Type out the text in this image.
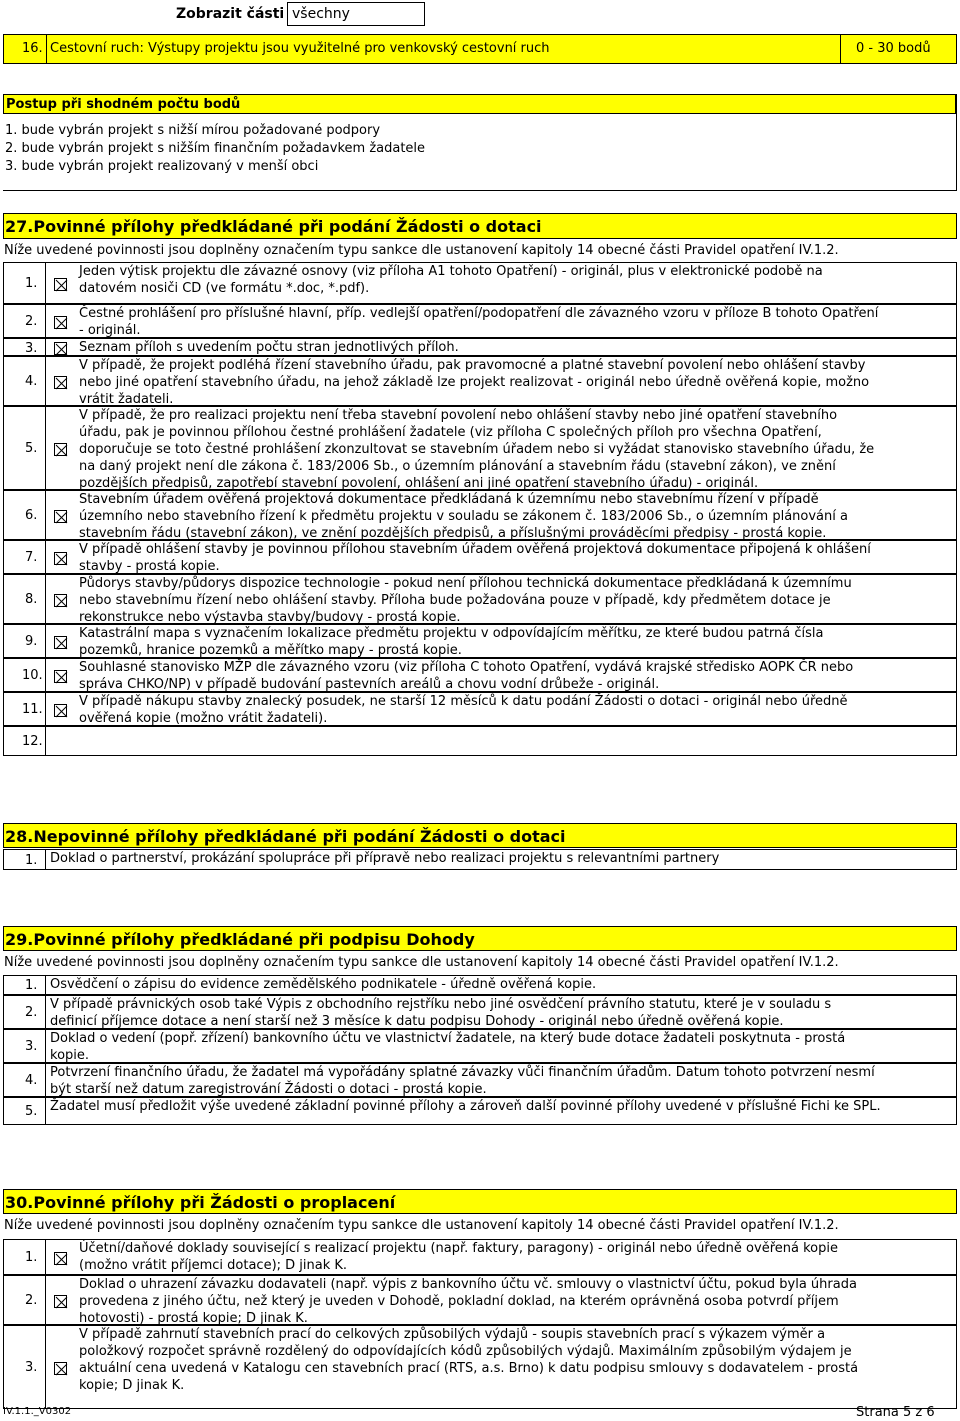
Zobrazit části všechny
16. Cestovní ruch: Výstupy projektu jsou využitelné pro venkovský cestovní ruch	0 - 30 bodů
Postup při shodném počtu bodů
1. bude vybrán projekt s nižší mírou požadované podpory
2. bude vybrán projekt s nižším finančním požadavkem žadatele
3. bude vybrán projekt realizovaný v menší obci
27.Povinné přílohy předkládané při podání Žádosti o dotaci
Níže uvedené povinnosti jsou doplněny označením typu sankce dle ustanovení kapitoly 14 obecné části Pravidel opatření IV.1.2.
1.
Jeden výtisk projektu dle závazné osnovy (viz příloha A1 tohoto Opatření) - originál, plus v elektronické podobě na
datovém nosiči CD (ve formátu *.doc, *.pdf).
2.
Čestné prohlášení pro příslušné hlavní, příp. vedlejší opatření/podopatření dle závazného vzoru v příloze B tohoto Opatření
- originál.
3.	Seznam příloh s uvedením počtu stran jednotlivých příloh.
4.
V případě, že projekt podléhá řízení stavebního úřadu, pak pravomocné a platné stavební povolení nebo ohlášení stavby
nebo jiné opatření stavebního úřadu, na jehož základě lze projekt realizovat - originál nebo úředně ověřená kopie, možno
vrátit žadateli.
5.
V případě, že pro realizaci projektu není třeba stavební povolení nebo ohlášení stavby nebo jiné opatření stavebního
úřadu, pak je povinnou přílohou čestné prohlášení žadatele (viz příloha C společných příloh pro všechna Opatření,
doporučuje se toto čestné prohlášení zkonzultovat se stavebním úřadem nebo si vyžádat stanovisko stavebního úřadu, že
na daný projekt není dle zákona č. 183/2006 Sb., o územním plánování a stavebním řádu (stavební zákon), ve znění
pozdějších předpisů, zapotřebí stavební povolení, ohlášení ani jiné opatření stavebního úřadu) - originál.
6.
Stavebním úřadem ověřená projektová dokumentace předkládaná k územnímu nebo stavebnímu řízení v případě
územního nebo stavebního řízení k předmětu projektu v souladu se zákonem č. 183/2006 Sb., o územním plánování a
stavebním řádu (stavební zákon), ve znění pozdějších předpisů, a příslušnými prováděcími předpisy - prostá kopie.
7.
V případě ohlášení stavby je povinnou přílohou stavebním úřadem ověřená projektová dokumentace připojená k ohlášení
stavby - prostá kopie.
8.
Půdorys stavby/půdorys dispozice technologie - pokud není přílohou technická dokumentace předkládaná k územnímu
nebo stavebnímu řízení nebo ohlášení stavby. Příloha bude požadována pouze v případě, kdy předmětem dotace je
rekonstrukce nebo výstavba stavby/budovy - prostá kopie.
9.
Katastrální mapa s vyznačením lokalizace předmětu projektu v odpovídajícím měřítku, ze které budou patrná čísla
pozemků, hranice pozemků a měřítko mapy - prostá kopie.
10.
Souhlasné stanovisko MŽP dle závazného vzoru (viz příloha C tohoto Opatření, vydává krajské středisko AOPK ČR nebo
správa CHKO/NP) v případě budování pastevních areálů a chovu vodní drůbeže - originál.
11.
V případě nákupu stavby znalecký posudek, ne starší 12 měsíců k datu podání Žádosti o dotaci - originál nebo úředně
ověřená kopie (možno vrátit žadateli).
12.
28.Nepovinné přílohy předkládané při podání Žádosti o dotaci
1. Doklad o partnerství, prokázání spolupráce při přípravě nebo realizaci projektu s relevantními partnery
29.Povinné přílohy předkládané při podpisu Dohody
Níže uvedené povinnosti jsou doplněny označením typu sankce dle ustanovení kapitoly 14 obecné části Pravidel opatření IV.1.2.
1. Osvědčení o zápisu do evidence zemědělského podnikatele - úředně ověřená kopie.
2.
V případě právnických osob také Výpis z obchodního rejstříku nebo jiné osvědčení právního statutu, které je v souladu s
definicí příjemce dotace a není starší než 3 měsíce k datu podpisu Dohody - originál nebo úředně ověřená kopie.
3.
Doklad o vedení (popř. zřízení) bankovního účtu ve vlastnictví žadatele, na který bude dotace žadateli poskytnuta - prostá
kopie.
4.
Potvrzení finančního úřadu, že žadatel má vypořádány splatné závazky vůči finančním úřadům. Datum tohoto potvrzení nesmí
být starší než datum zaregistrování Žádosti o dotaci - prostá kopie.
5. Žadatel musí předložit výše uvedené základní povinné přílohy a zároveň další povinné přílohy uvedené v příslušné Fichi ke SPL.
30.Povinné přílohy při Žádosti o proplacení
Níže uvedené povinnosti jsou doplněny označením typu sankce dle ustanovení kapitoly 14 obecné části Pravidel opatření IV.1.2.
1.
Účetní/daňové doklady související s realizací projektu (např. faktury, paragony) - originál nebo úředně ověřená kopie
(možno vrátit příjemci dotace); D jinak K.
2.
Doklad o uhrazení závazku dodavateli (např. výpis z bankovního účtu vč. smlouvy o vlastnictví účtu, pokud byla úhrada
provedena z jiného účtu, než který je uveden v Dohodě, pokladní doklad, na kterém oprávněná osoba potvrdí příjem
hotovosti) - prostá kopie; D jinak K.
3.
V případě zahrnutí stavebních prací do celkových způsobilých výdajů - soupis stavebních prací s výkazem výměr a
položkový rozpočet správně rozdělený do odpovídajících kódů způsobilých výdajů. Maximálním způsobilým výdajem je
aktuální cena uvedená v Katalogu cen stavebních prací (RTS, a.s. Brno) k datu podpisu smlouvy s dodavatelem - prostá
kopie; D jinak K.
IV.1.1._V0302	Strana 5 z 6
